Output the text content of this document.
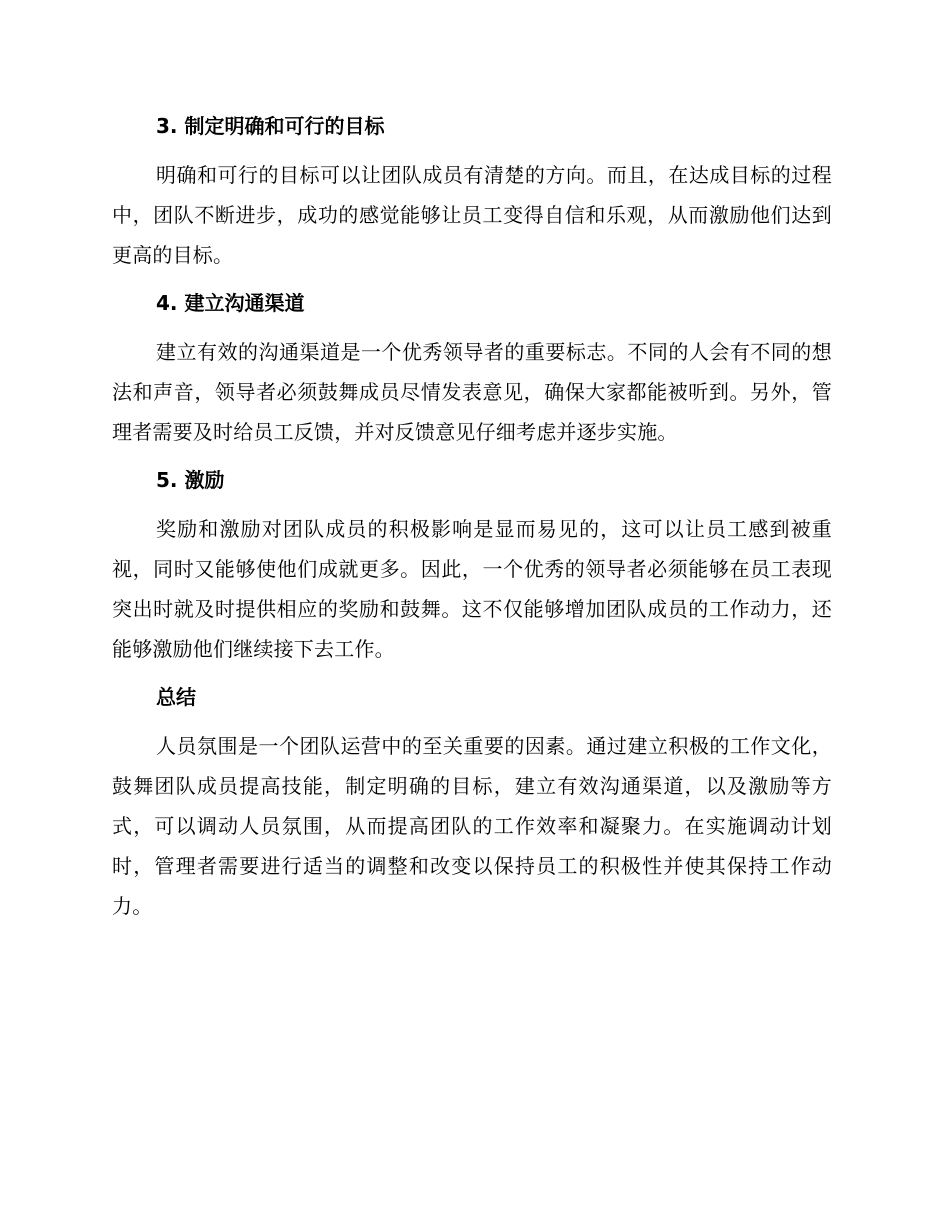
3. 制定明确和可行的目标
明确和可行的目标可以让团队成员有清楚的方向。而且，在达成目标的过程中，团队不断进步，成功的感觉能够让员工变得自信和乐观，从而激励他们达到更高的目标。
4. 建立沟通渠道
建立有效的沟通渠道是一个优秀领导者的重要标志。不同的人会有不同的想法和声音，领导者必须鼓舞成员尽情发表意见，确保大家都能被听到。另外，管理者需要及时给员工反馈，并对反馈意见仔细考虑并逐步实施。
5. 激励
奖励和激励对团队成员的积极影响是显而易见的，这可以让员工感到被重视，同时又能够使他们成就更多。因此，一个优秀的领导者必须能够在员工表现突出时就及时提供相应的奖励和鼓舞。这不仅能够增加团队成员的工作动力，还能够激励他们继续接下去工作。
总结
人员氛围是一个团队运营中的至关重要的因素。通过建立积极的工作文化，鼓舞团队成员提高技能，制定明确的目标，建立有效沟通渠道，以及激励等方式，可以调动人员氛围，从而提高团队的工作效率和凝聚力。在实施调动计划时，管理者需要进行适当的调整和改变以保持员工的积极性并使其保持工作动力。
